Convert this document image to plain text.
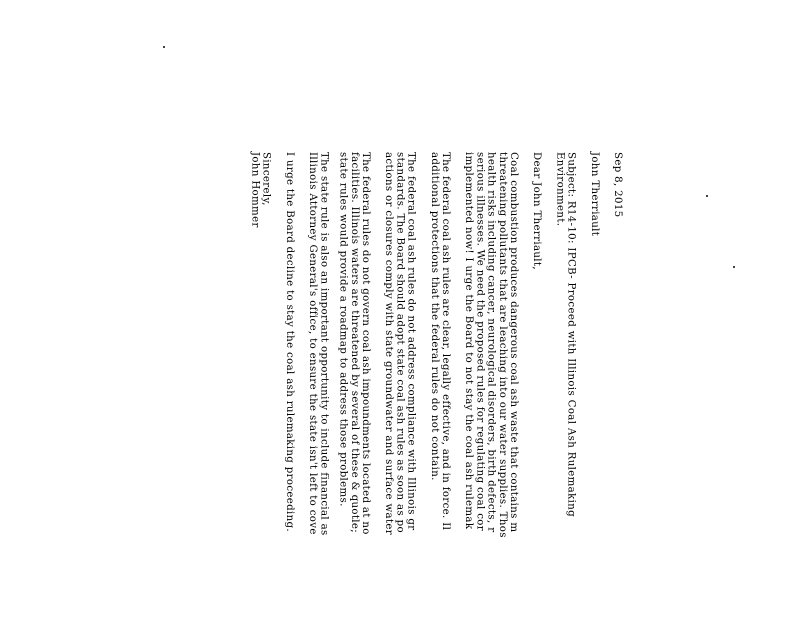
Sep 8, 2015
John Therriault
Subject: R14-10: IPCB- Proceed with Illinois Coal Ash Rulemaking
Environment.
Dear John Therriault,
Coal combustion produces dangerous coal ash waste that contains m
threatening pollutants that are leaching into our water supplies. Thos
health risks including cancer, neurological disorders, birth defects, r
serious illnesses. We need the proposed rules for regulating coal cor
implemented now! I urge the Board to not stay the coal ash rulemak
The federal coal ash rules are clear, legally effective, and in force. Il
additional protections that the federal rules do not contain.
The federal coal ash rules do not address compliance with Illinois gr
standards. The Board should adopt state coal ash rules as soon as po
actions or closures comply with state groundwater and surface water
The federal rules do not govern coal ash impoundments located at no
facilities. Illinois waters are threatened by several of these & quotle;
state rules would provide a roadmap to address those problems.
The state rule is also an important opportunity to include financial as
Illinois Attorney General's office, to ensure the state isn't left to cove
I urge the Board decline to stay the coal ash rulemaking proceeding.
Sincerely,
John Hommer
